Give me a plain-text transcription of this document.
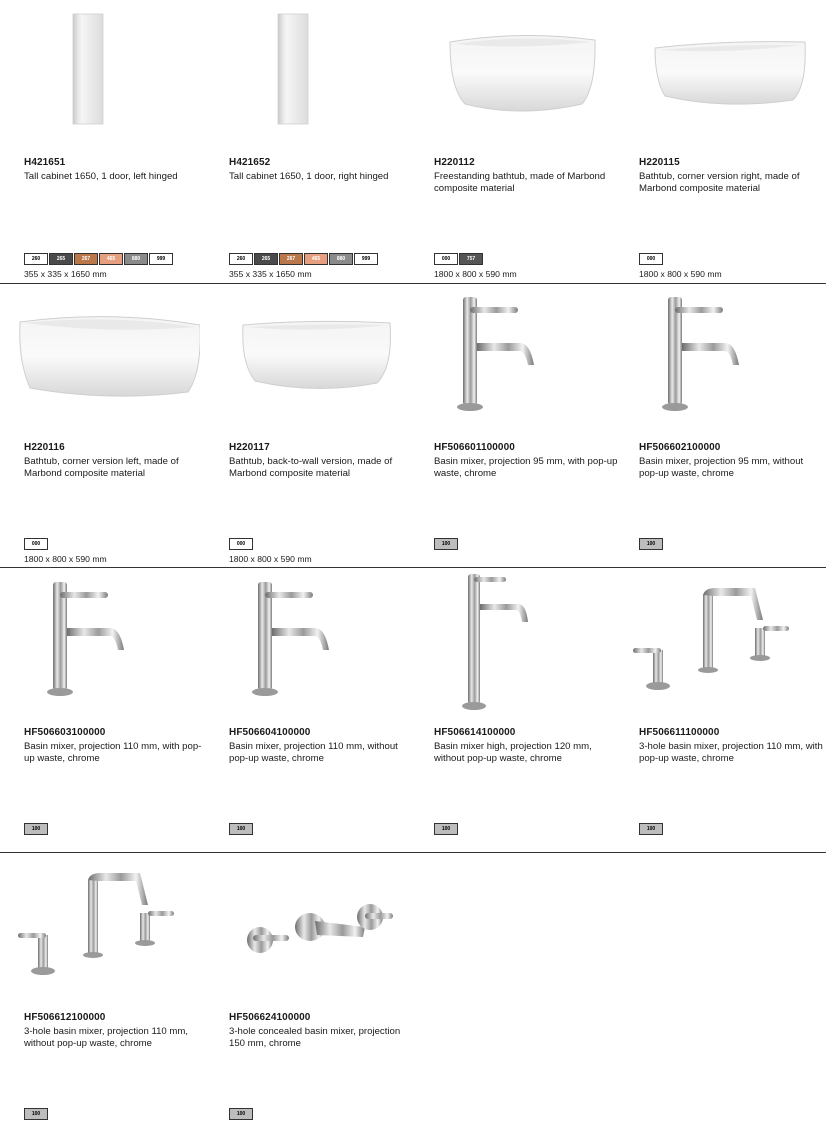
H421651
Tall cabinet 1650, 1 door, left hinged
260	265	267	465	880	999
355 x 335 x 1650 mm
H421652
Tall cabinet 1650, 1 door, right hinged
260	265	267	465	880	999
355 x 335 x 1650 mm
H220112
Freestanding bathtub, made of Marbond composite material
000	757
1800 x 800 x 590 mm
H220115
Bathtub, corner version right, made of Marbond composite material
000
1800 x 800 x 590 mm
H220116
Bathtub, corner version left, made of Marbond composite material
000
1800 x 800 x 590 mm
H220117
Bathtub, back-to-wall version, made of Marbond composite material
000
1800 x 800 x 590 mm
HF506601100000
Basin mixer, projection 95 mm, with pop-up waste, chrome
100
HF506602100000
Basin mixer, projection 95 mm, without pop-up waste, chrome
100
HF506603100000
Basin mixer, projection 110 mm, with pop-up waste, chrome
100
HF506604100000
Basin mixer, projection 110 mm, without pop-up waste, chrome
100
HF506614100000
Basin mixer high, projection 120 mm, without pop-up waste, chrome
100
HF506611100000
3-hole basin mixer, projection 110 mm, with pop-up waste, chrome
100
HF506612100000
3-hole basin mixer, projection 110 mm, without pop-up waste, chrome
100
HF506624100000
3-hole concealed basin mixer, projection 150 mm, chrome
100
